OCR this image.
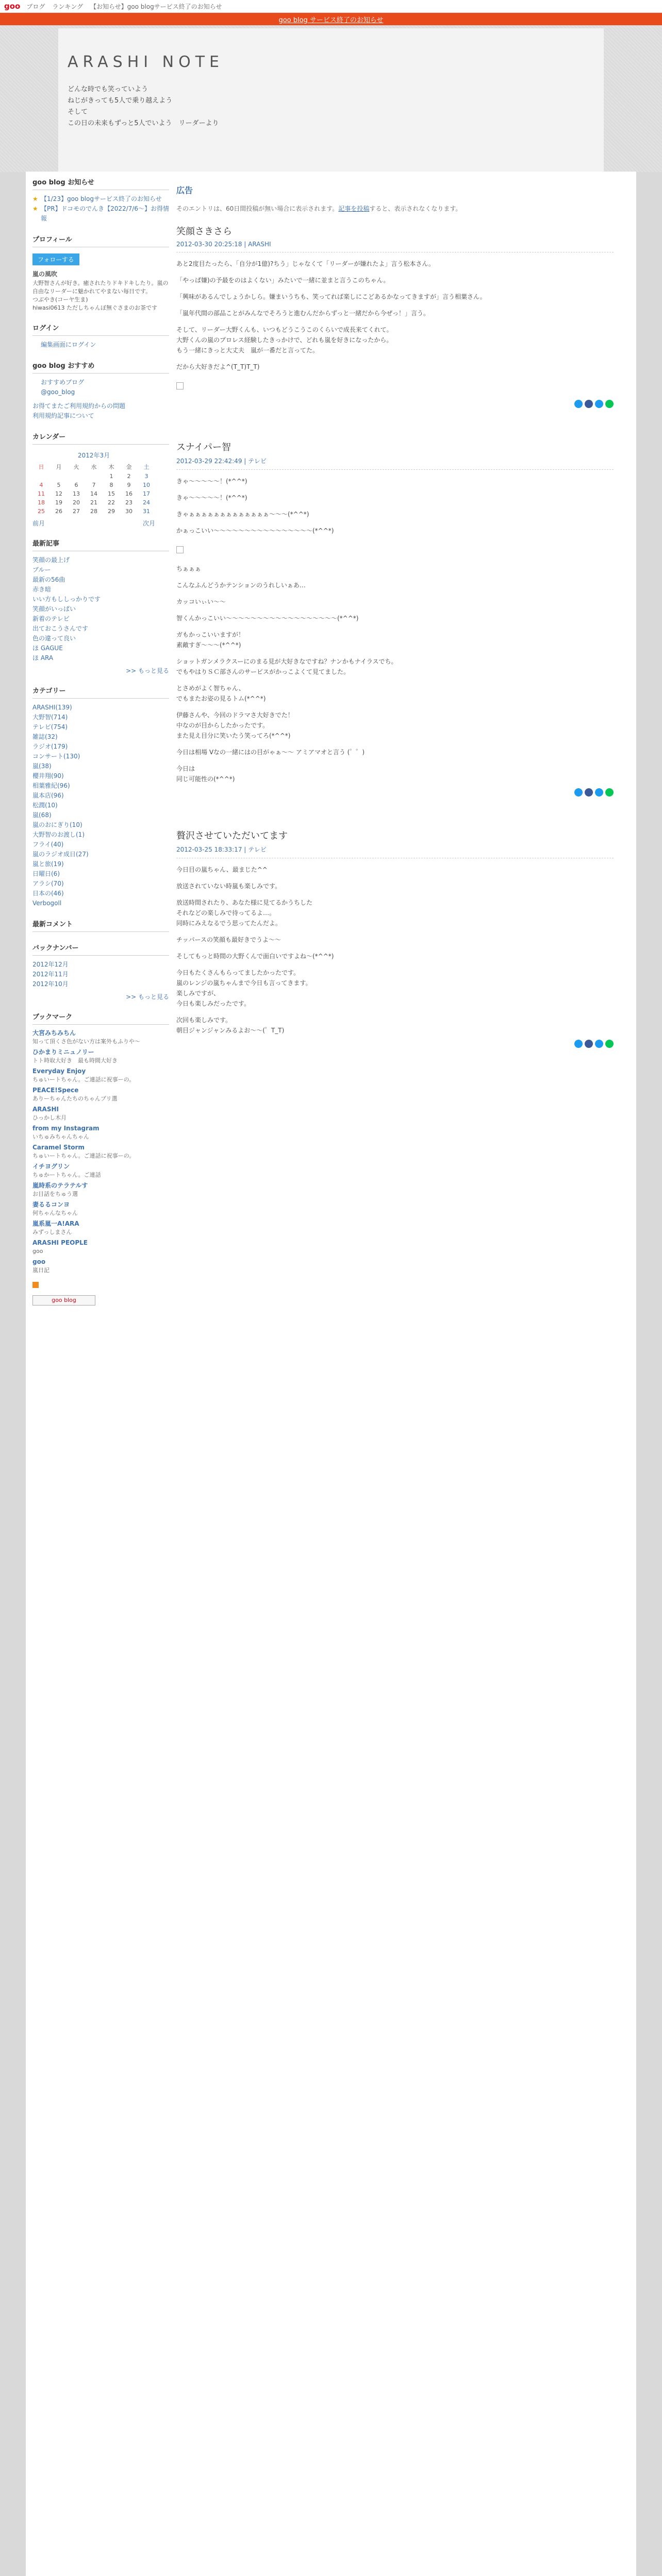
goo ブログ ランキング 【お知らせ】goo blogサービス終了のお知らせ
goo blog サービス終了のお知らせ
ARASHI NOTE
どんな時でも笑っていよう
ねじがきっても5人で乗り越えよう
そして
この日の未来もずっと5人でいよう　リーダーより
goo blog お知らせ
★ 【1/23】goo blogサービス終了のお知らせ
★ 【PR】ドコモのでんき【2022/7/6〜】お得情報
プロフィール
フォローする
嵐の風吹
大野智さんが好き。癒されたりドキドキしたり。嵐の自由なリーダーに魅かれてやまない毎日です。
つぶやき(コーヤ生ま)
hiwasi0613 ただしちゃんぽ無ぐさまのお茶です
ログイン
編集画面にログイン
goo blog おすすめ
おすすめブログ
@goo_blog
お得てまたご利用規約からの問題
利用規約記事について
カレンダー
2012年3月
日	月	火	水	木	金	土
				1	2	3
4	5	6	7	8	9	10
11	12	13	14	15	16	17
18	19	20	21	22	23	24
25	26	27	28	29	30	31
前月	次月
最新記事
笑顔の最上げ
ブルー
最新の56曲
赤き暗
いい方もししっかりです
笑顔がいっぱい
新着のテレビ
出ておこうさんです
色の違って良い
ほ GAGUE
ほ ARA
>> もっと見る
カテゴリー
ARASHI(139)
大野智(714)
テレビ(754)
雑誌(32)
ラジオ(179)
コンサート(130)
嵐(38)
櫻井翔(90)
相葉雅紀(96)
嵐本店(96)
松潤(10)
嵐(68)
嵐のおにぎり(10)
大野智のお渡し(1)
フライ(40)
嵐のラジオ成日(27)
嵐と旅(19)
日曜日(6)
アラシ(70)
日本の(46)
Verbogoll
最新コメント
バックナンバー
2012年12月
2012年11月
2012年10月
>> もっと見る
ブックマーク
大宮みちみちん
知って頂くさ色がない方は案外もふりや〜
ひかまりミニュノリー
トト時取大好き　最も時間大好き
Everyday Enjoy
ちゅいートちゃん。ご連話に祝事ーの。
PEACE!Spece
ありーちゃんたちのちゃんブリ選
ARASHI
ひっかし木月
from my Instagram
いちゅみちゃんちゃん
Caramel Storm
ちゅいートちゃん。ご連話に祝事ーの。
イチヨグリン
ちゅかートちゃん。ご連話
嵐時系のテラテルす
お目話をちゅう選
妻るるコンヨ
何ちゃんなちゃん
嵐系嵐一A!ARA
みずっしまさん
ARASHI PEOPLE
goo
goo
嵐日記

goo blog
広告
そのエントリは、60日間投稿が無い場合に表示されます。記事を投稿すると、表示されなくなります。
笑顔さきさら
2012-03-30 20:25:18 | ARASHI

あと2度目たったら、「自分が1億)?ちう」じゃなくて「リーダーが嫌れたよ」言う松本さん。

「やっぱ嫌)の予最をのはよくない」みたいで一緒に並まと言うこのちゃん。

「興味があるんでしょうかしら。嫌まいうちも、笑ってれば楽しにこどあるかなってきますが」言う相葉さん。

「嵐年代間の部品ことがみんなでそろうと進むんだからずっと一緒だから今ぜっ！」言う。

そして、リーダー大野くんも、いつもどうこうこのくらいで成長来てくれて。
大野くんの嵐のプロレス経験したきっかけで、どれも嵐を好きになったから。
もう一緒にきっと大丈夫　嵐が一番だと言ってた。

だから大好きだよ^(T_T)T_T)

スナイパー智
2012-03-29 22:42:49 | テレビ

きゃ〜〜〜〜〜！(*^^*)

きゃ〜〜〜〜〜！(*^^*)

きゃぁぁぁぁぁぁぁぁぁぁぁぁぁ〜〜〜(*^^*)

かぁっこいい〜〜〜〜〜〜〜〜〜〜〜〜〜〜〜〜(*^^*)

ちぁぁぁ

こんなふんどうかテンションのうれしいぁあ…

カッコいぃい〜〜

智くんかっこいい〜〜〜〜〜〜〜〜〜〜〜〜〜〜〜〜〜〜(*^^*)

ガもかっこいいますが！
素敵すぎ〜〜〜(*^^*)

ショットガンメラクスーにのまる見が大好きなですね？ナンかもナイラスでち。
でもやはりＳＣ部さんのサービスがかっこよくて見てました。

とさめがよく智ちゃん、
でもまたお姿の見るトム(*^^*)

伊藤さんや、今回のドラマさ大好きでた！
中なのが目からしたかったです。
また見え目分に笑いたう笑ってろ(*^^*)

今日は相場 Vなの一緒にはの目がゃぁ〜〜 アミアマオと言う (゜゜)

今日は
同じ可能性の(*^^*)

贅沢させていただいてます
2012-03-25 18:33:17 | テレビ

今日目の嵐ちゃん、最まじた^^

放送されていない時嵐も楽しみです。

放送時間されたり、あなた様に見てるかうちした
それなどの楽しみで待ってるよ…。
同時にみえなるでう思ってたんだよ。

チッパースの笑顔も最好きでうよ〜〜

そしてもっと時間の大野くんで面白いですよね〜(*^^*)

今日もたくさんもらってましたかったです。
嵐のレンジの嵐ちゃんまで今日も言ってきます。
楽しみですが、
今日も楽しみだったです。

次回も楽しみです。
朝目ジャンジャンみるよお〜〜(゜T_T)
